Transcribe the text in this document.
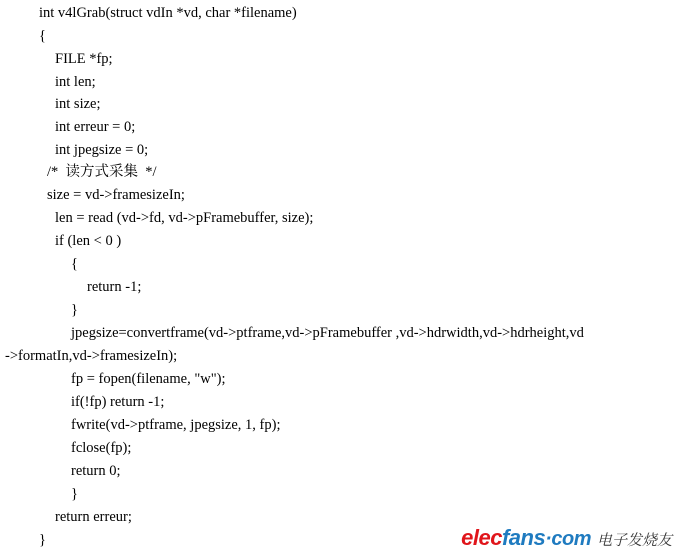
int v4lGrab(struct vdIn *vd, char *filename)
{
FILE *fp;
int len;
int size;
int erreur = 0;
int jpegsize = 0;
/*  读方式采集  */
size = vd->framesizeIn;
len = read (vd->fd, vd->pFramebuffer, size);
if (len < 0 )
{
return -1;
}
jpegsize=convertframe(vd->ptframe,vd->pFramebuffer ,vd->hdrwidth,vd->hdrheight,vd
->formatIn,vd->framesizeIn);
fp = fopen(filename, "w");
if(!fp) return -1;
fwrite(vd->ptframe, jpegsize, 1, fp);
fclose(fp);
return 0;
}
return erreur;
}	elec fans · com 电子发烧友
